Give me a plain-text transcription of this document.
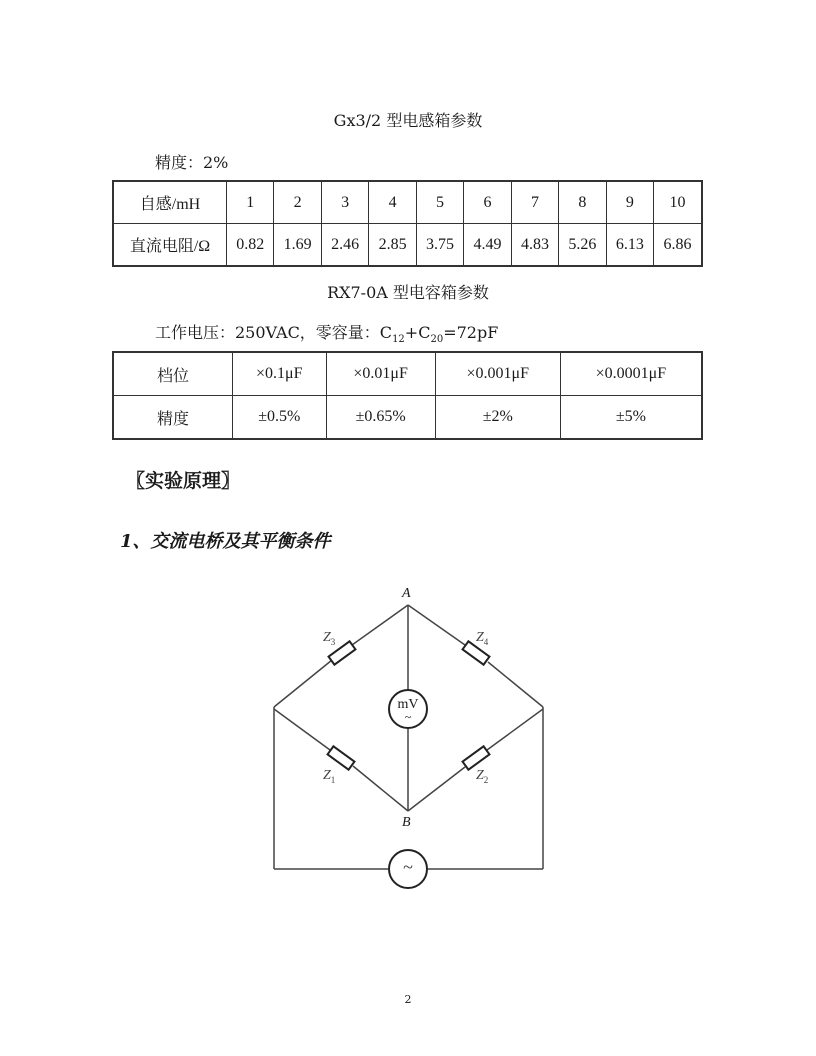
Gx3/2 型电感箱参数
精度：2%
自感/mH	1	2	3	4	5	6	7	8	9	10
直流电阻/Ω	0.82	1.69	2.46	2.85	3.75	4.49	4.83	5.26	6.13	6.86
RX7-0A 型电容箱参数
工作电压：250VAC，零容量：$C_{12}+C_{20}=72pF$
档位	×0.1μF	×0.01μF	×0.001μF	×0.0001μF
精度	±0.5%	±0.65%	±2%	±5%
〖实验原理〗
1、交流电桥及其平衡条件
A
B
$Z_3$	$Z_4$
$Z_1$	$Z_2$
mV
~
~
2
